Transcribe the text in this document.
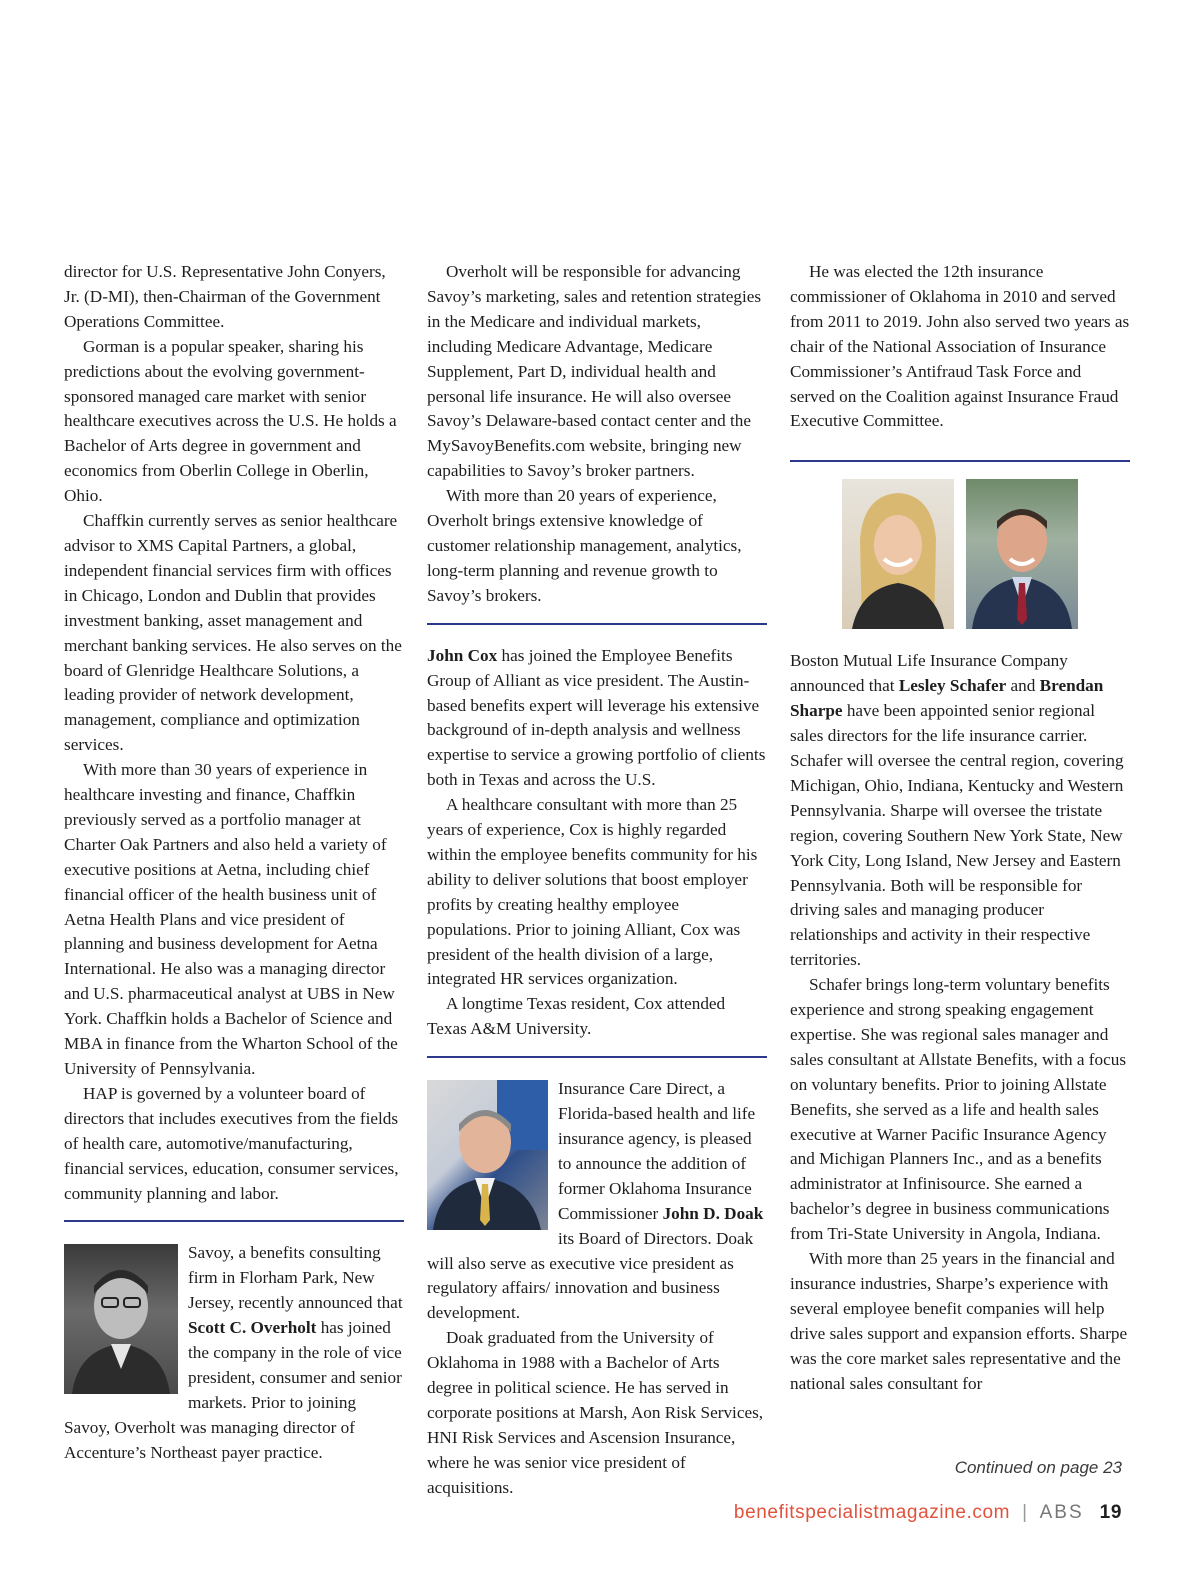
director for U.S. Representative John Conyers, Jr. (D-MI), then-Chairman of the Government Operations Committee.

Gorman is a popular speaker, sharing his predictions about the evolving government-sponsored managed care market with senior healthcare executives across the U.S. He holds a Bachelor of Arts degree in government and economics from Oberlin College in Oberlin, Ohio.

Chaffkin currently serves as senior healthcare advisor to XMS Capital Partners, a global, independent financial services firm with offices in Chicago, London and Dublin that provides investment banking, asset management and merchant banking services. He also serves on the board of Glenridge Healthcare Solutions, a leading provider of network development, management, compliance and optimization services.

With more than 30 years of experience in healthcare investing and finance, Chaffkin previously served as a portfolio manager at Charter Oak Partners and also held a variety of executive positions at Aetna, including chief financial officer of the health business unit of Aetna Health Plans and vice president of planning and business development for Aetna International. He also was a managing director and U.S. pharmaceutical analyst at UBS in New York. Chaffkin holds a Bachelor of Science and MBA in finance from the Wharton School of the University of Pennsylvania.

HAP is governed by a volunteer board of directors that includes executives from the fields of health care, automotive/manufacturing, financial services, education, consumer services, community planning and labor.

Savoy, a benefits consulting firm in Florham Park, New Jersey, recently announced that Scott C. Overholt has joined the company in the role of vice president, consumer and senior markets. Prior to joining Savoy, Overholt was managing director of Accenture’s Northeast payer practice.

Overholt will be responsible for advancing Savoy’s marketing, sales and retention strategies in the Medicare and individual markets, including Medicare Advantage, Medicare Supplement, Part D, individual health and personal life insurance. He will also oversee Savoy’s Delaware-based contact center and the MySavoyBenefits.com website, bringing new capabilities to Savoy’s broker partners.

With more than 20 years of experience, Overholt brings extensive knowledge of customer relationship management, analytics, long-term planning and revenue growth to Savoy’s brokers.

John Cox has joined the Employee Benefits Group of Alliant as vice president. The Austin-based benefits expert will leverage his extensive background of in-depth analysis and wellness expertise to service a growing portfolio of clients both in Texas and across the U.S.

A healthcare consultant with more than 25 years of experience, Cox is highly regarded within the employee benefits community for his ability to deliver solutions that boost employer profits by creating healthy employee populations. Prior to joining Alliant, Cox was president of the health division of a large, integrated HR services organization.

A longtime Texas resident, Cox attended Texas A&M University.

Insurance Care Direct, a Florida-based health and life insurance agency, is pleased to announce the addition of former Oklahoma Insurance Commissioner John D. Doak its Board of Directors. Doak will also serve as executive vice president as regulatory affairs/ innovation and business development.

Doak graduated from the University of Oklahoma in 1988 with a Bachelor of Arts degree in political science. He has served in corporate positions at Marsh, Aon Risk Services, HNI Risk Services and Ascension Insurance, where he was senior vice president of acquisitions.

He was elected the 12th insurance commissioner of Oklahoma in 2010 and served from 2011 to 2019. John also served two years as chair of the National Association of Insurance Commissioner’s Antifraud Task Force and served on the Coalition against Insurance Fraud Executive Committee.

Boston Mutual Life Insurance Company announced that Lesley Schafer and Brendan Sharpe have been appointed senior regional sales directors for the life insurance carrier. Schafer will oversee the central region, covering Michigan, Ohio, Indiana, Kentucky and Western Pennsylvania. Sharpe will oversee the tristate region, covering Southern New York State, New York City, Long Island, New Jersey and Eastern Pennsylvania. Both will be responsible for driving sales and managing producer relationships and activity in their respective territories.

Schafer brings long-term voluntary benefits experience and strong speaking engagement expertise. She was regional sales manager and sales consultant at Allstate Benefits, with a focus on voluntary benefits. Prior to joining Allstate Benefits, she served as a life and health sales executive at Warner Pacific Insurance Agency and Michigan Planners Inc., and as a benefits administrator at Infinisource. She earned a bachelor’s degree in business communications from Tri-State University in Angola, Indiana.

With more than 25 years in the financial and insurance industries, Sharpe’s experience with several employee benefit companies will help drive sales support and expansion efforts. Sharpe was the core market sales representative and the national sales consultant for

Continued on page 23
benefitspecialistmagazine.com | ABS 19
